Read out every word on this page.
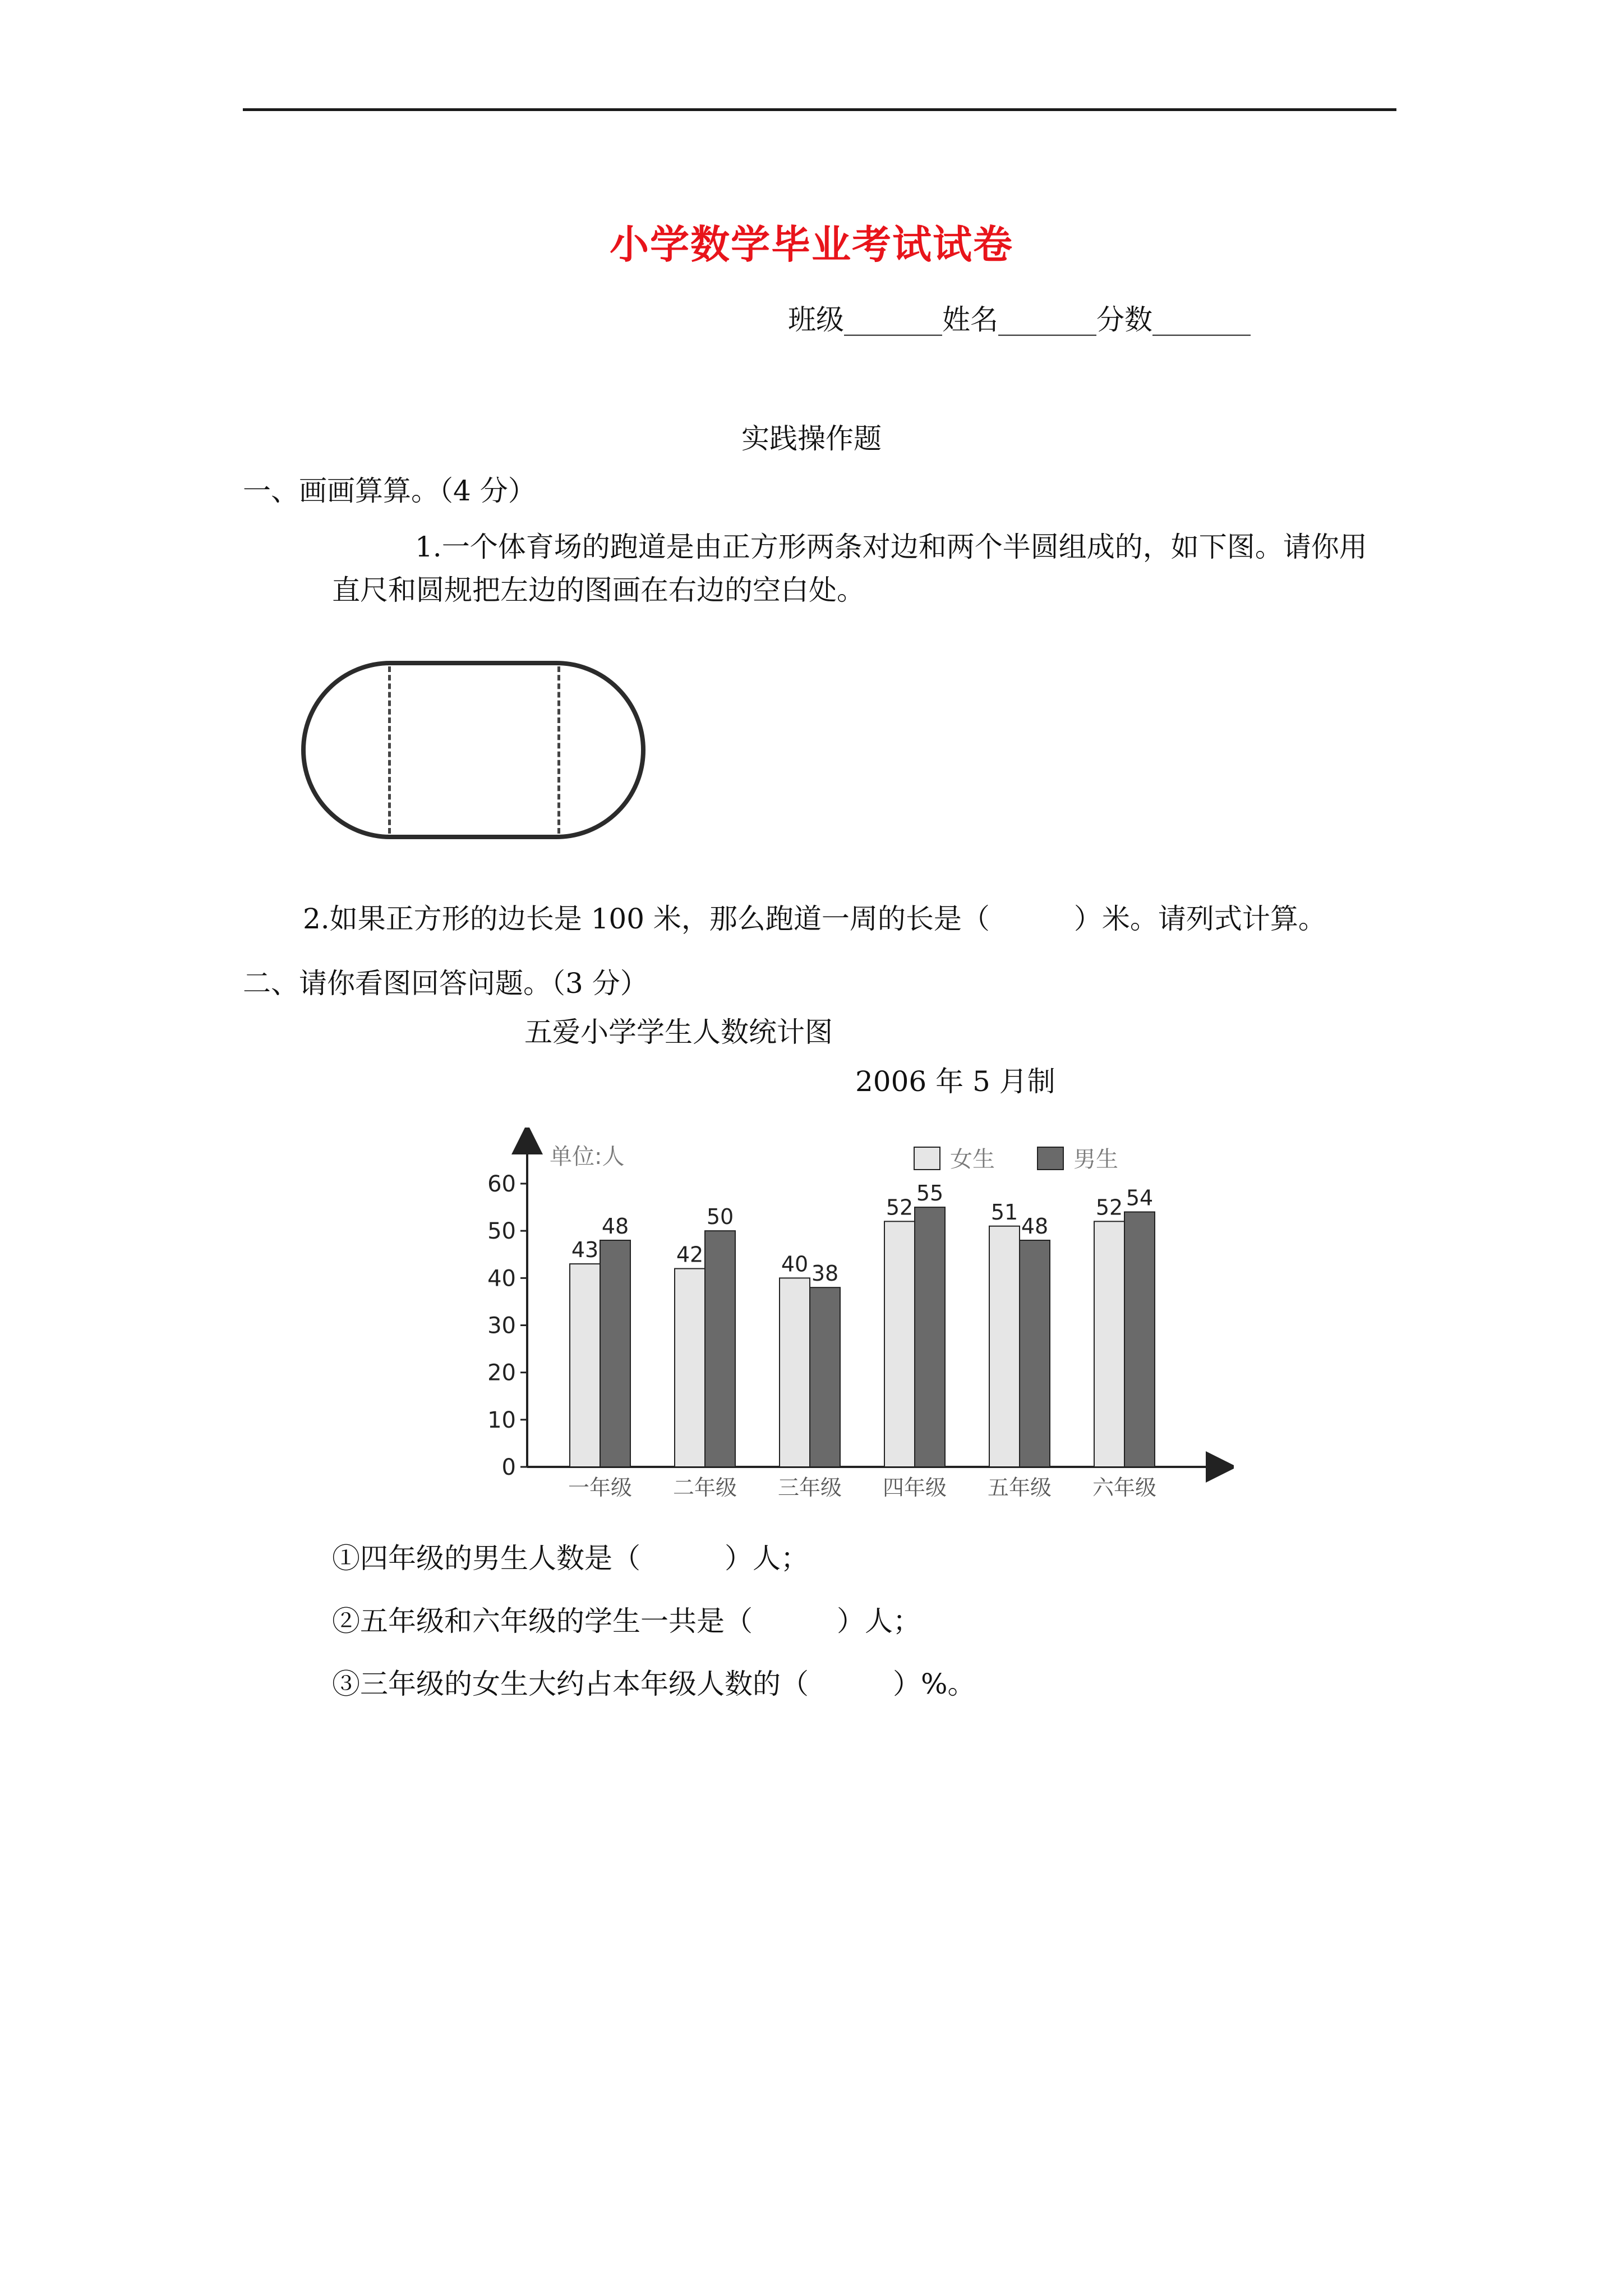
小学数学毕业考试试卷
班级_______姓名_______分数_______
实践操作题
一、画画算算。（4 分）
1.一个体育场的跑道是由正方形两条对边和两个半圆组成的，如下图。请你用
直尺和圆规把左边的图画在右边的空白处。
2.如果正方形的边长是 100 米，那么跑道一周的长是（　　　）米。请列式计算。
二、请你看图回答问题。（3 分）
五爱小学学生人数统计图
2006 年 5 月制
0
10
20
30
40
50
60
单位:人	女生	男生
43
48
一年级
42
50
二年级
40 38
三年级
52
55
四年级
51
48
五年级
52 54
六年级
①四年级的男生人数是（　　　）人；
②五年级和六年级的学生一共是（　　　）人；
③三年级的女生大约占本年级人数的（　　　）%。
